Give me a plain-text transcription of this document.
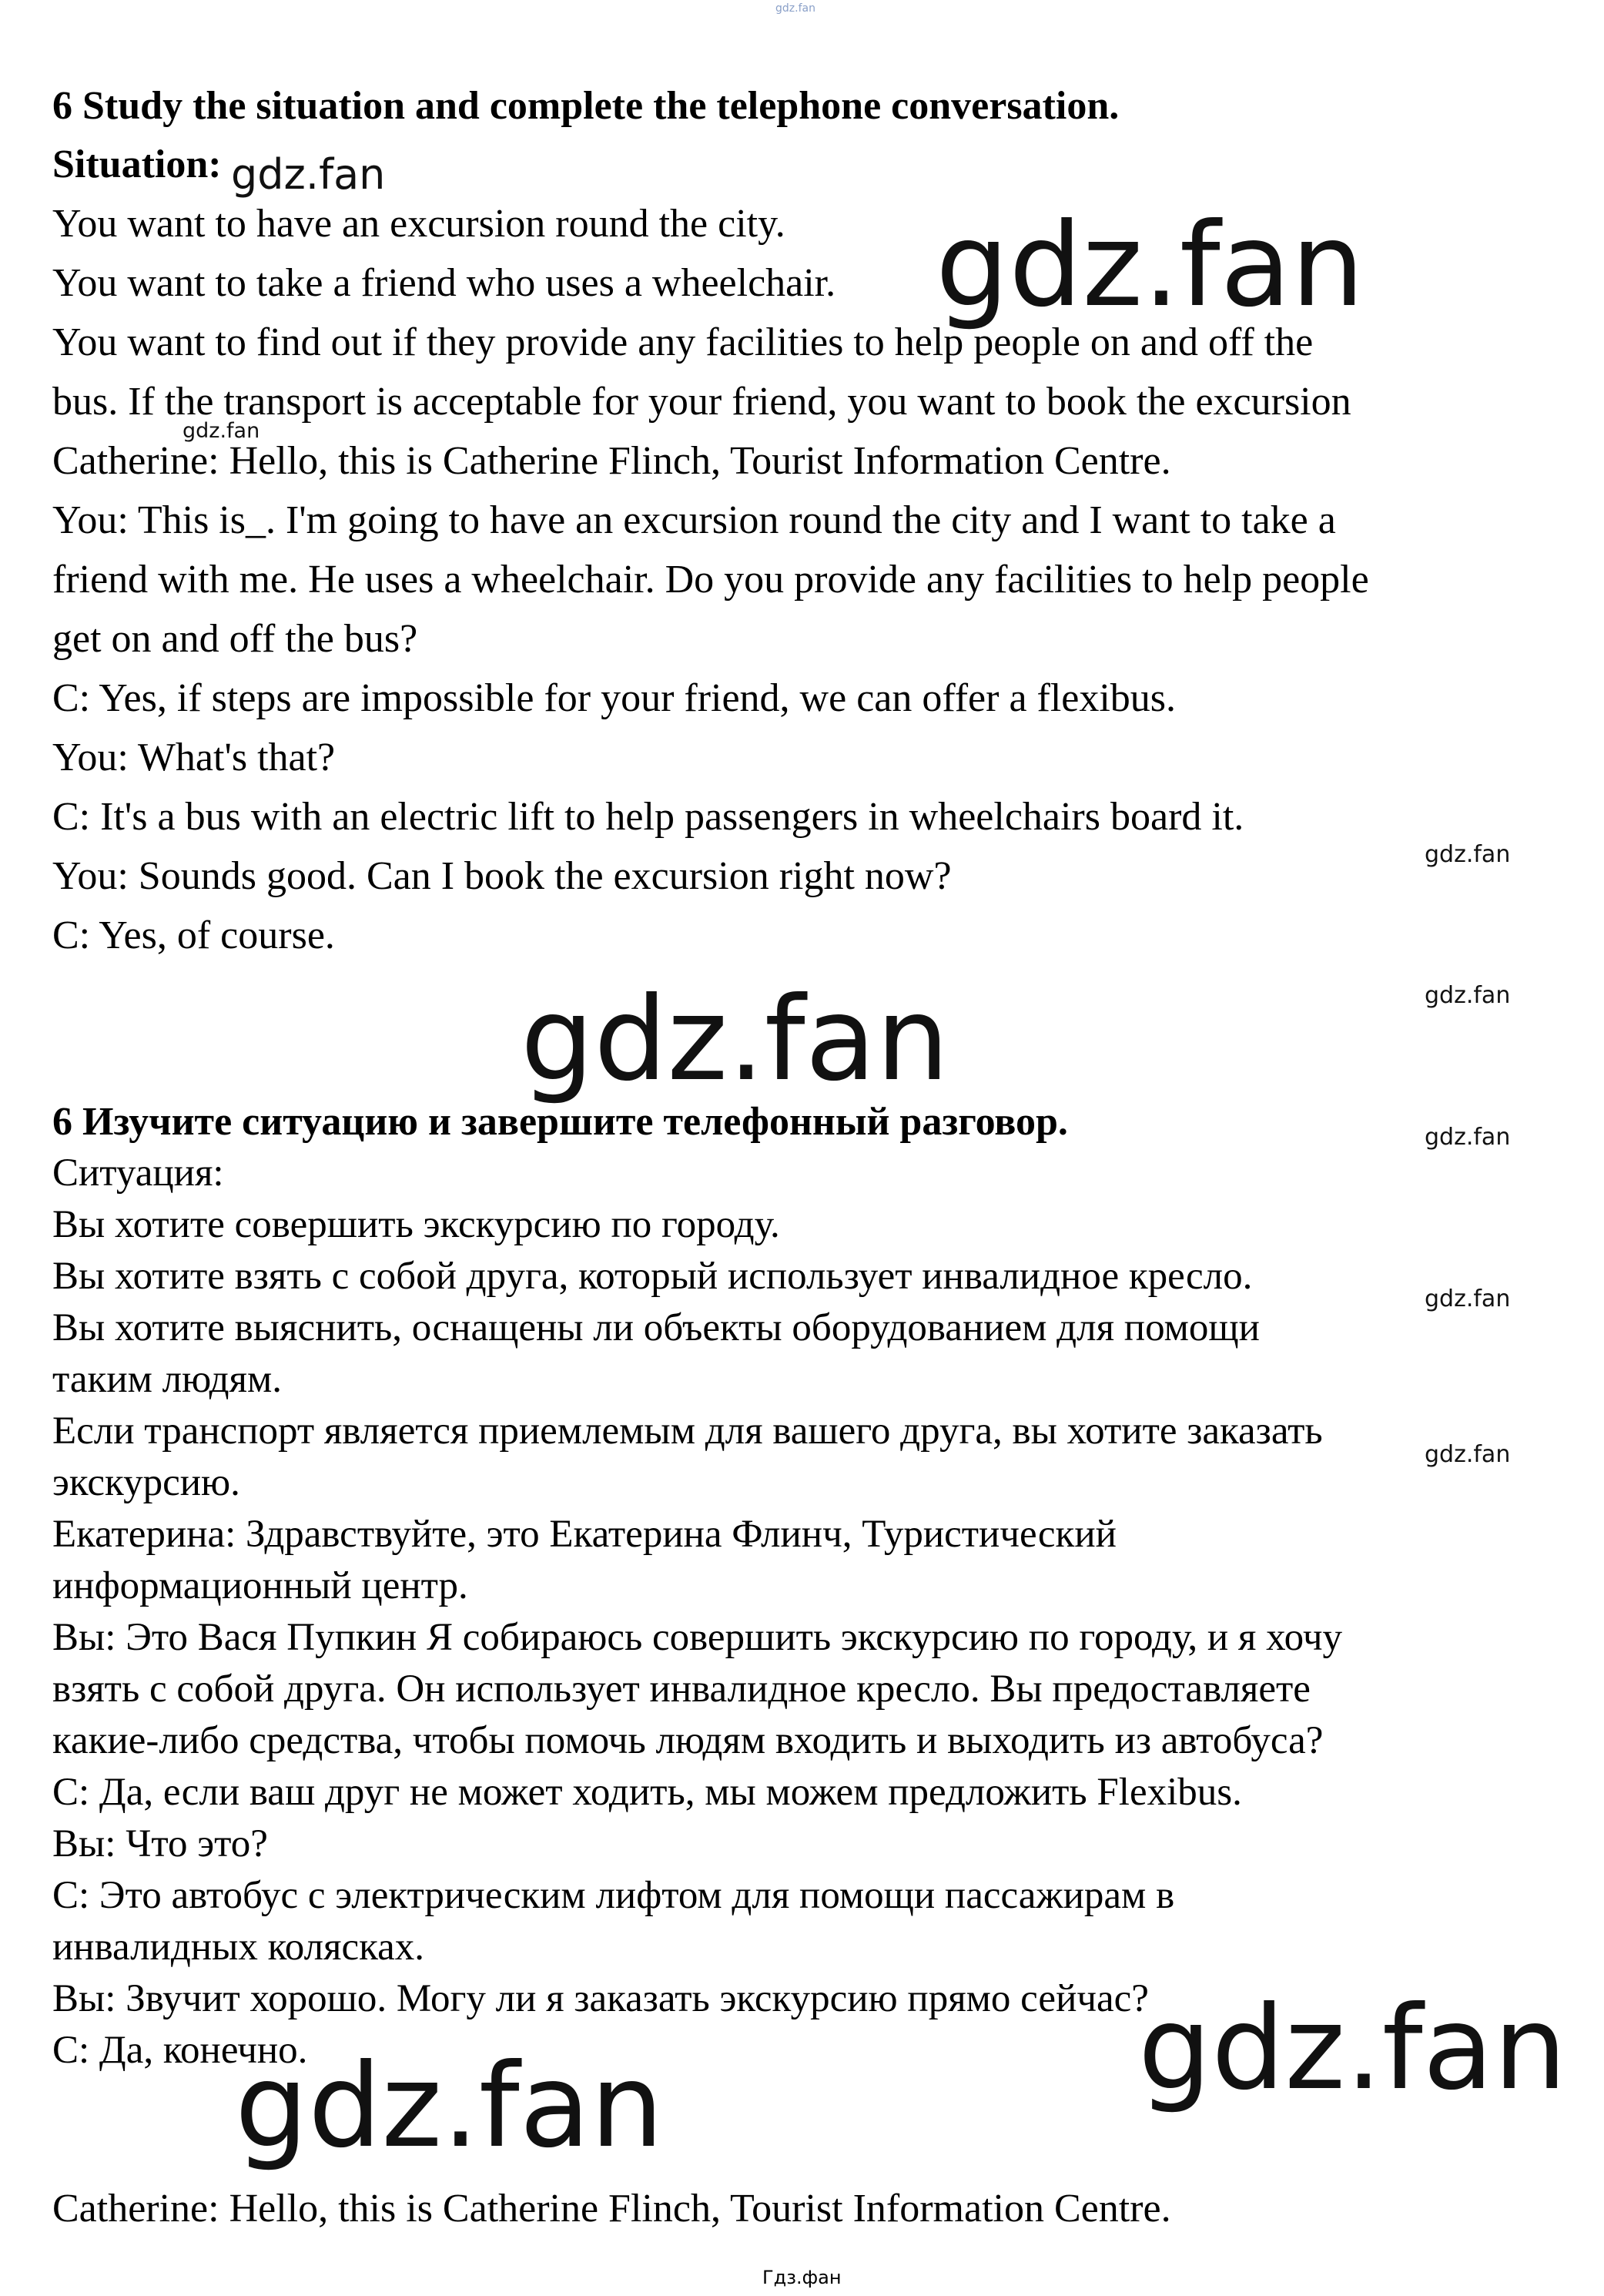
gdz.fan
6 Study the situation and complete the telephone conversation.
Situation:
You want to have an excursion round the city.
You want to take a friend who uses a wheelchair.
You want to find out if they provide any facilities to help people on and off the
bus. If the transport is acceptable for your friend, you want to book the excursion
Catherine: Hello, this is Catherine Flinch, Tourist Information Centre.
You: This is_. I'm going to have an excursion round the city and I want to take a
friend with me. He uses a wheelchair. Do you provide any facilities to help people
get on and off the bus?
C: Yes, if steps are impossible for your friend, we can offer a flexibus.
You: What's that?
C: It's a bus with an electric lift to help passengers in wheelchairs board it.
You: Sounds good. Can I book the excursion right now?
C: Yes, of course.
6 Изучите ситуацию и завершите телефонный разговор.
Ситуация:
Вы хотите совершить экскурсию по городу.
Вы хотите взять с собой друга, который использует инвалидное кресло.
Вы хотите выяснить, оснащены ли объекты оборудованием для помощи
таким людям.
Если транспорт является приемлемым для вашего друга, вы хотите заказать
экскурсию.
Екатерина: Здравствуйте, это Екатерина Флинч, Туристический
информационный центр.
Вы: Это Вася Пупкин Я собираюсь совершить экскурсию по городу, и я хочу
взять с собой друга. Он использует инвалидное кресло. Вы предоставляете
какие-либо средства, чтобы помочь людям входить и выходить из автобуса?
С: Да, если ваш друг не может ходить, мы можем предложить Flexibus.
Вы: Что это?
С: Это автобус с электрическим лифтом для помощи пассажирам в
инвалидных колясках.
Вы: Звучит хорошо. Могу ли я заказать экскурсию прямо сейчас?
С: Да, конечно.
Catherine: Hello, this is Catherine Flinch, Tourist Information Centre.
gdz.fan
gdz.fan
gdz.fan
gdz.fan
gdz.fan
gdz.fan
gdz.fan
gdz.fan
gdz.fan
gdz.fan
gdz.fan
Гдз.фан
